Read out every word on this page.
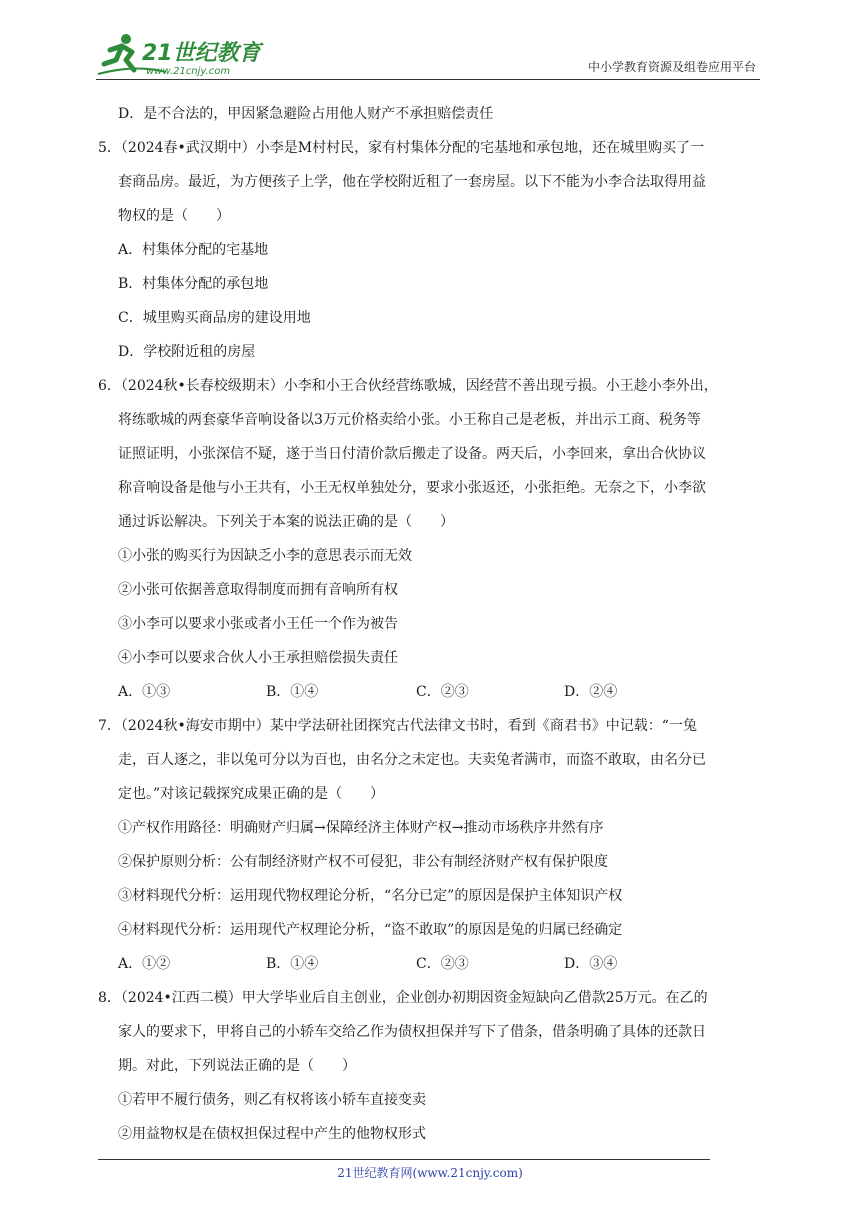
21世纪教育
www.21cnjy.com	中小学教育资源及组卷应用平台
D．是不合法的，甲因紧急避险占用他人财产不承担赔偿责任
5．（2024春•武汉期中）小李是M村村民，家有村集体分配的宅基地和承包地，还在城里购买了一
套商品房。最近，为方便孩子上学，他在学校附近租了一套房屋。以下不能为小李合法取得用益
物权的是（　　）
A．村集体分配的宅基地
B．村集体分配的承包地
C．城里购买商品房的建设用地
D．学校附近租的房屋
6．（2024秋•长春校级期末）小李和小王合伙经营练歌城，因经营不善出现亏损。小王趁小李外出，
将练歌城的两套豪华音响设备以3万元价格卖给小张。小王称自己是老板，并出示工商、税务等
证照证明，小张深信不疑，遂于当日付清价款后搬走了设备。两天后，小李回来，拿出合伙协议
称音响设备是他与小王共有，小王无权单独处分，要求小张返还，小张拒绝。无奈之下，小李欲
通过诉讼解决。下列关于本案的说法正确的是（　　）
①小张的购买行为因缺乏小李的意思表示而无效
②小张可依据善意取得制度而拥有音响所有权
③小李可以要求小张或者小王任一个作为被告
④小李可以要求合伙人小王承担赔偿损失责任
A．①③	B．①④	C．②③	D．②④
7．（2024秋•海安市期中）某中学法研社团探究古代法律文书时，看到《商君书》中记载：“一兔
走，百人逐之，非以兔可分以为百也，由名分之未定也。夫卖兔者满市，而盗不敢取，由名分已
定也。”对该记载探究成果正确的是（　　）
①产权作用路径：明确财产归属→保障经济主体财产权→推动市场秩序井然有序
②保护原则分析：公有制经济财产权不可侵犯，非公有制经济财产权有保护限度
③材料现代分析：运用现代物权理论分析，“名分已定”的原因是保护主体知识产权
④材料现代分析：运用现代产权理论分析，“盗不敢取”的原因是兔的归属已经确定
A．①②	B．①④	C．②③	D．③④
8．（2024•江西二模）甲大学毕业后自主创业，企业创办初期因资金短缺向乙借款25万元。在乙的
家人的要求下，甲将自己的小轿车交给乙作为债权担保并写下了借条，借条明确了具体的还款日
期。对此，下列说法正确的是（　　）
①若甲不履行债务，则乙有权将该小轿车直接变卖
②用益物权是在债权担保过程中产生的他物权形式
21世纪教育网(www.21cnjy.com)
